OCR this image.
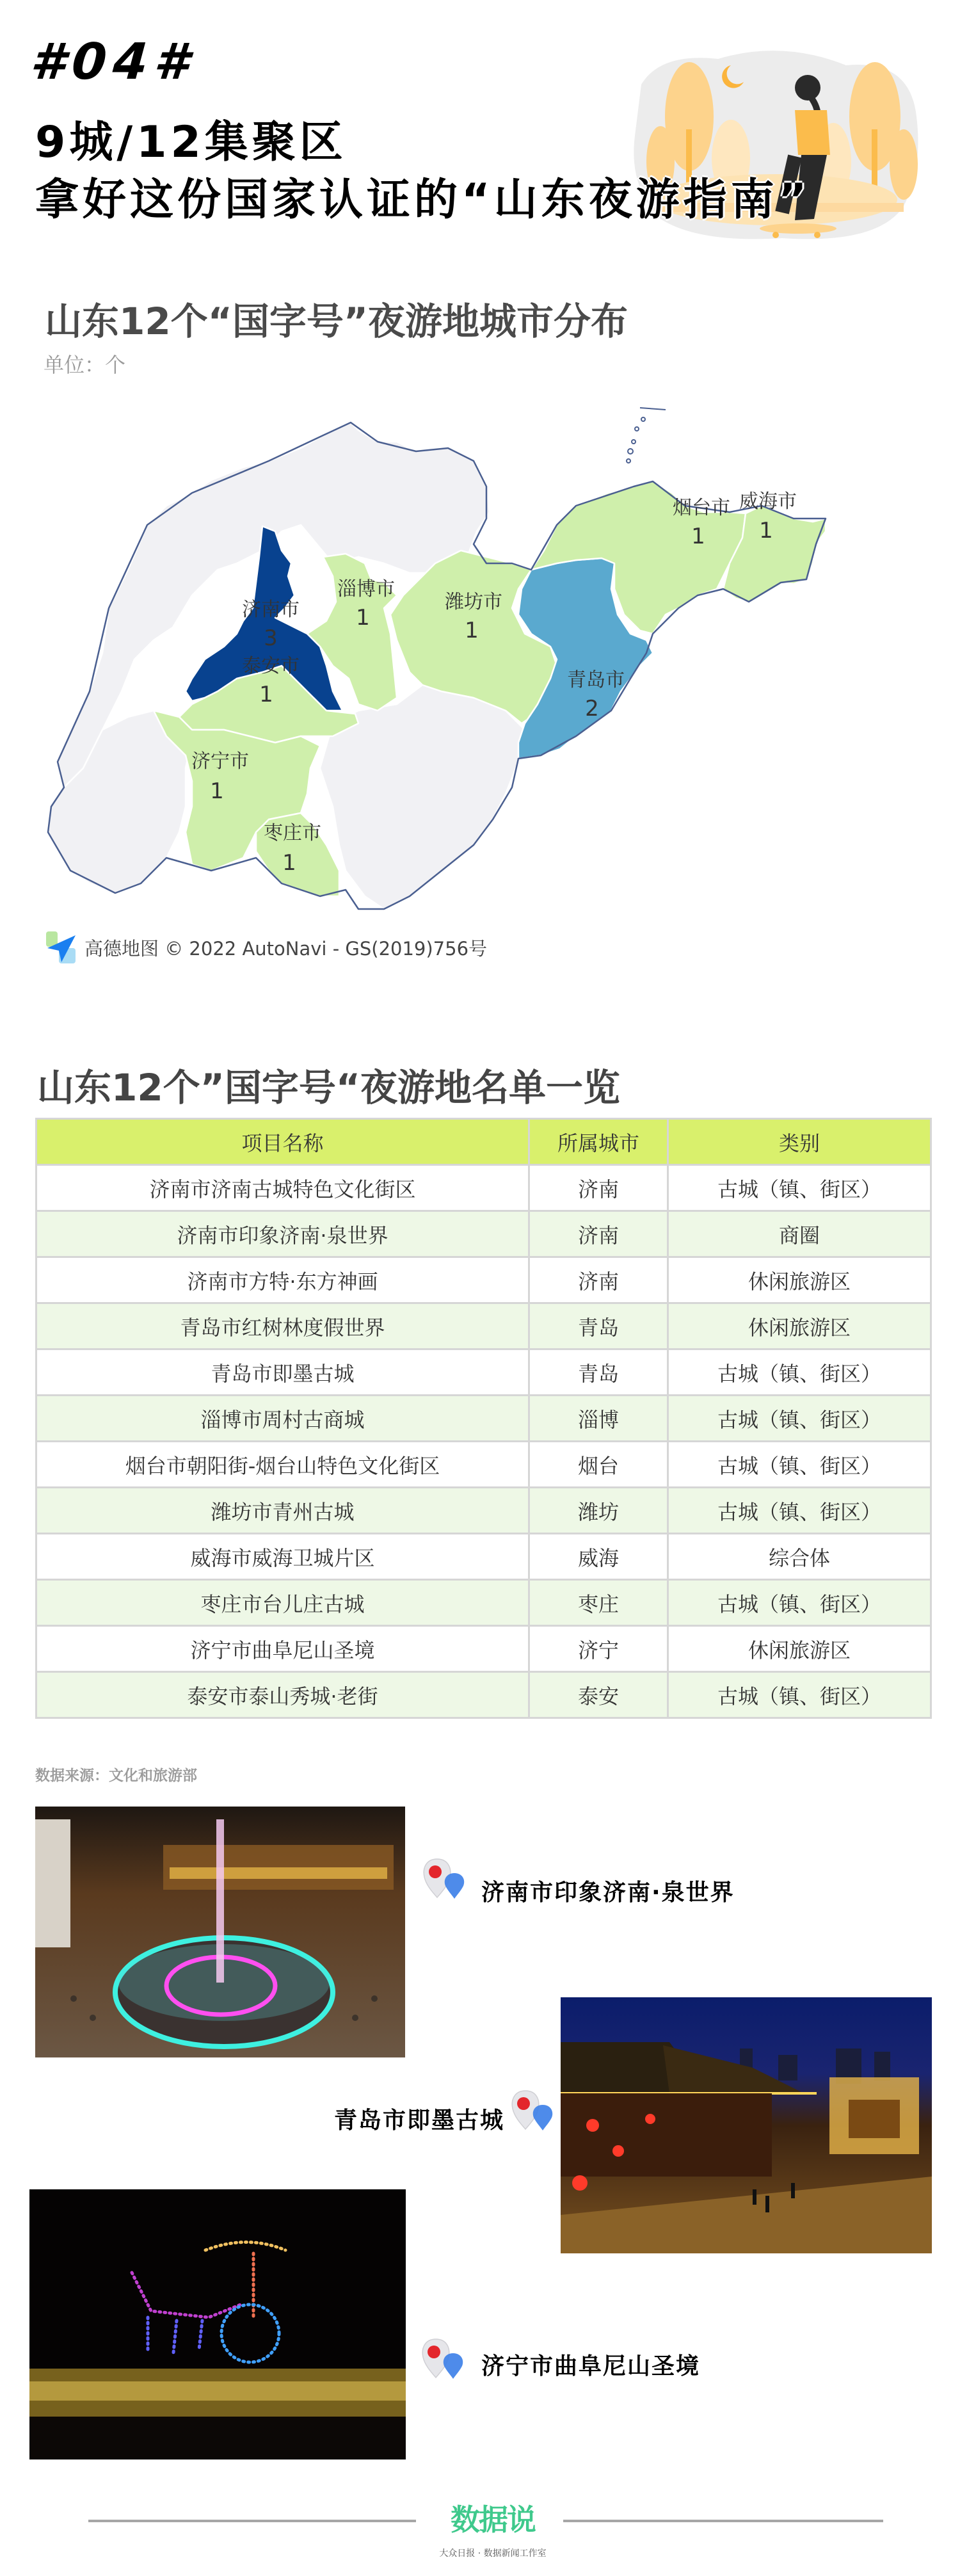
#04#
9城/12集聚区
拿好这份国家认证的“山东夜游指南”
山东12个“国字号”夜游地城市分布
单位：个
济南市
3
泰安市
1
淄博市
1
潍坊市
1
青岛市
2
烟台市
1
威海市
1
济宁市
1
枣庄市
1
高德地图 © 2022 AutoNavi - GS(2019)756号
山东12个”国字号“夜游地名单一览
项目名称	所属城市	类别
济南市济南古城特色文化街区	济南	古城（镇、街区）
济南市印象济南·泉世界	济南	商圈
济南市方特·东方神画	济南	休闲旅游区
青岛市红树林度假世界	青岛	休闲旅游区
青岛市即墨古城	青岛	古城（镇、街区）
淄博市周村古商城	淄博	古城（镇、街区）
烟台市朝阳街-烟台山特色文化街区	烟台	古城（镇、街区）
潍坊市青州古城	潍坊	古城（镇、街区）
威海市威海卫城片区	威海	综合体
枣庄市台儿庄古城	枣庄	古城（镇、街区）
济宁市曲阜尼山圣境	济宁	休闲旅游区
泰安市泰山秀城·老街	泰安	古城（镇、街区）
数据来源：文化和旅游部
济南市印象济南·泉世界
青岛市即墨古城
济宁市曲阜尼山圣境
数据说
大众日报 · 数据新闻工作室
